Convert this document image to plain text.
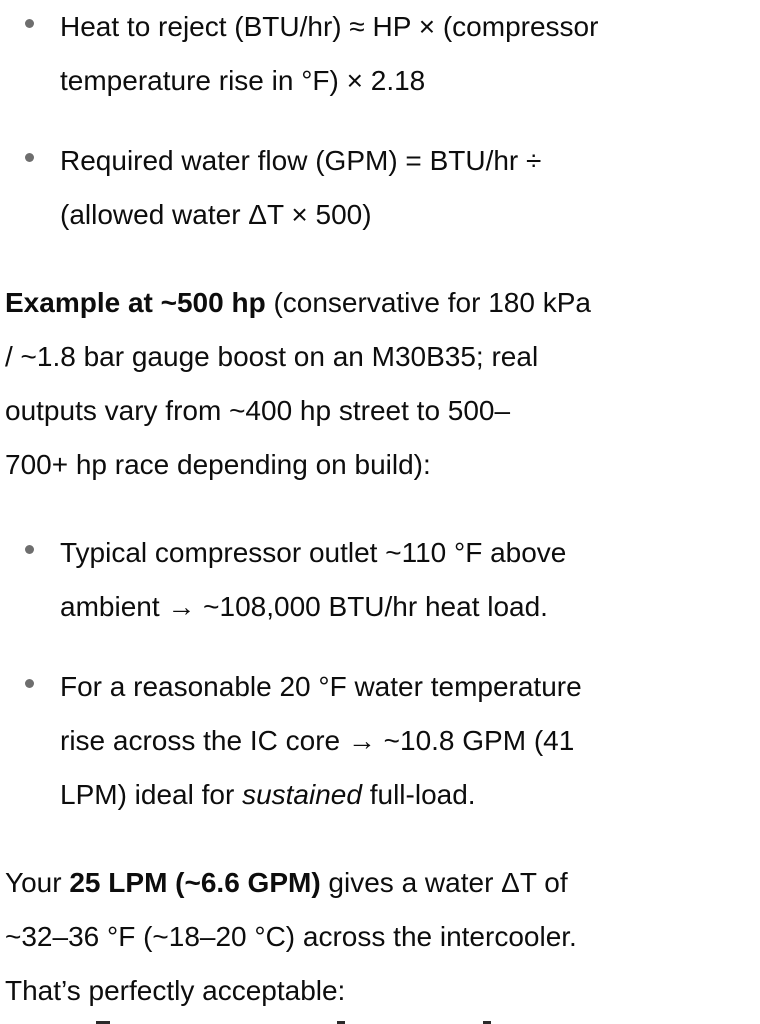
Heat to reject (BTU/hr) ≈ HP × (compressor
temperature rise in °F) × 2.18
Required water flow (GPM) = BTU/hr ÷
(allowed water ΔT × 500)
Example at ~500 hp (conservative for 180 kPa
/ ~1.8 bar gauge boost on an M30B35; real
outputs vary from ~400 hp street to 500–
700+ hp race depending on build):
Typical compressor outlet ~110 °F above
ambient → ~108,000 BTU/hr heat load.
For a reasonable 20 °F water temperature
rise across the IC core → ~10.8 GPM (41
LPM) ideal for sustained full-load.
Your 25 LPM (~6.6 GPM) gives a water ΔT of
~32–36 °F (~18–20 °C) across the intercooler.
That’s perfectly acceptable:
